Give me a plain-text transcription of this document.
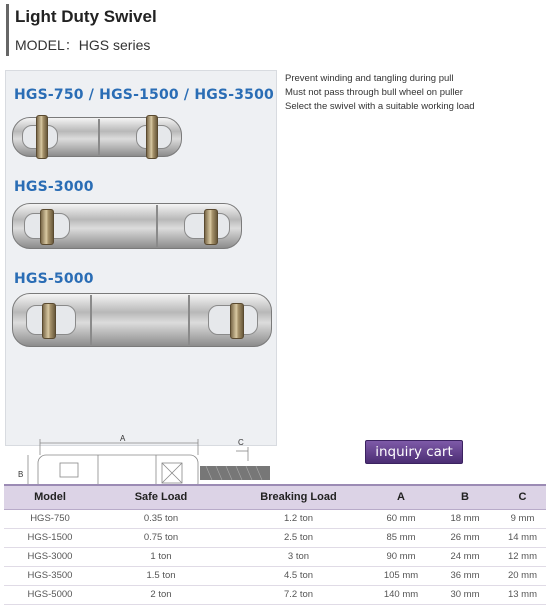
Light Duty Swivel
MODEL：HGS series
HGS-750 / HGS-1500 / HGS-3500
HGS-3000
HGS-5000
A
B
C
Prevent winding and tangling during pull
Must not pass through bull wheel on puller
Select the swivel with a suitable working load
inquiry cart
Model	Safe Load	Breaking Load	A	B	C
HGS-750	0.35 ton	1.2 ton	60 mm	18 mm	9 mm
HGS-1500	0.75 ton	2.5 ton	85 mm	26 mm	14 mm
HGS-3000	1 ton	3 ton	90 mm	24 mm	12 mm
HGS-3500	1.5 ton	4.5 ton	105 mm	36 mm	20 mm
HGS-5000	2 ton	7.2 ton	140 mm	30 mm	13 mm
